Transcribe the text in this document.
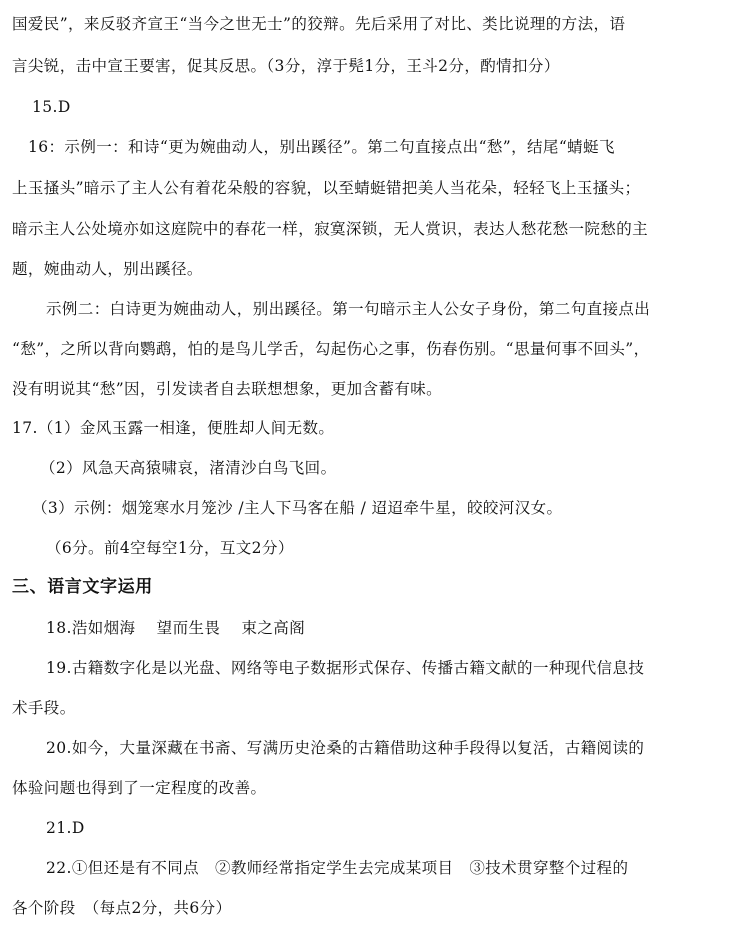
国爱民”，来反驳齐宣王“当今之世无士”的狡辩。先后采用了对比、类比说理的方法，语
言尖锐，击中宣王要害，促其反思。（3分，淳于髡1分，王斗2分，酌情扣分）
15.D
16：示例一：和诗“更为婉曲动人，别出蹊径”。第二句直接点出“愁”，结尾“蜻蜓飞
上玉搔头”暗示了主人公有着花朵般的容貌，以至蜻蜓错把美人当花朵，轻轻飞上玉搔头；
暗示主人公处境亦如这庭院中的春花一样，寂寞深锁，无人赏识，表达人愁花愁一院愁的主
题，婉曲动人，别出蹊径。
示例二：白诗更为婉曲动人，别出蹊径。第一句暗示主人公女子身份，第二句直接点出
“愁”，之所以背向鹦鹉，怕的是鸟儿学舌，勾起伤心之事，伤春伤别。“思量何事不回头”，
没有明说其“愁”因，引发读者自去联想想象，更加含蓄有味。
17.（1）金风玉露一相逢，便胜却人间无数。
（2）风急天高猿啸哀，渚清沙白鸟飞回。
（3）示例：烟笼寒水月笼沙 /主人下马客在船 / 迢迢牵牛星，皎皎河汉女。
（6分。前4空每空1分，互文2分）
三、语言文字运用
18.浩如烟海　 望而生畏　 束之高阁
19.古籍数字化是以光盘、网络等电子数据形式保存、传播古籍文献的一种现代信息技
术手段。
20.如今，大量深藏在书斋、写满历史沧桑的古籍借助这种手段得以复活，古籍阅读的
体验问题也得到了一定程度的改善。
21.D
22.①但还是有不同点　②教师经常指定学生去完成某项目　③技术贯穿整个过程的
各个阶段　（每点2分，共6分）
